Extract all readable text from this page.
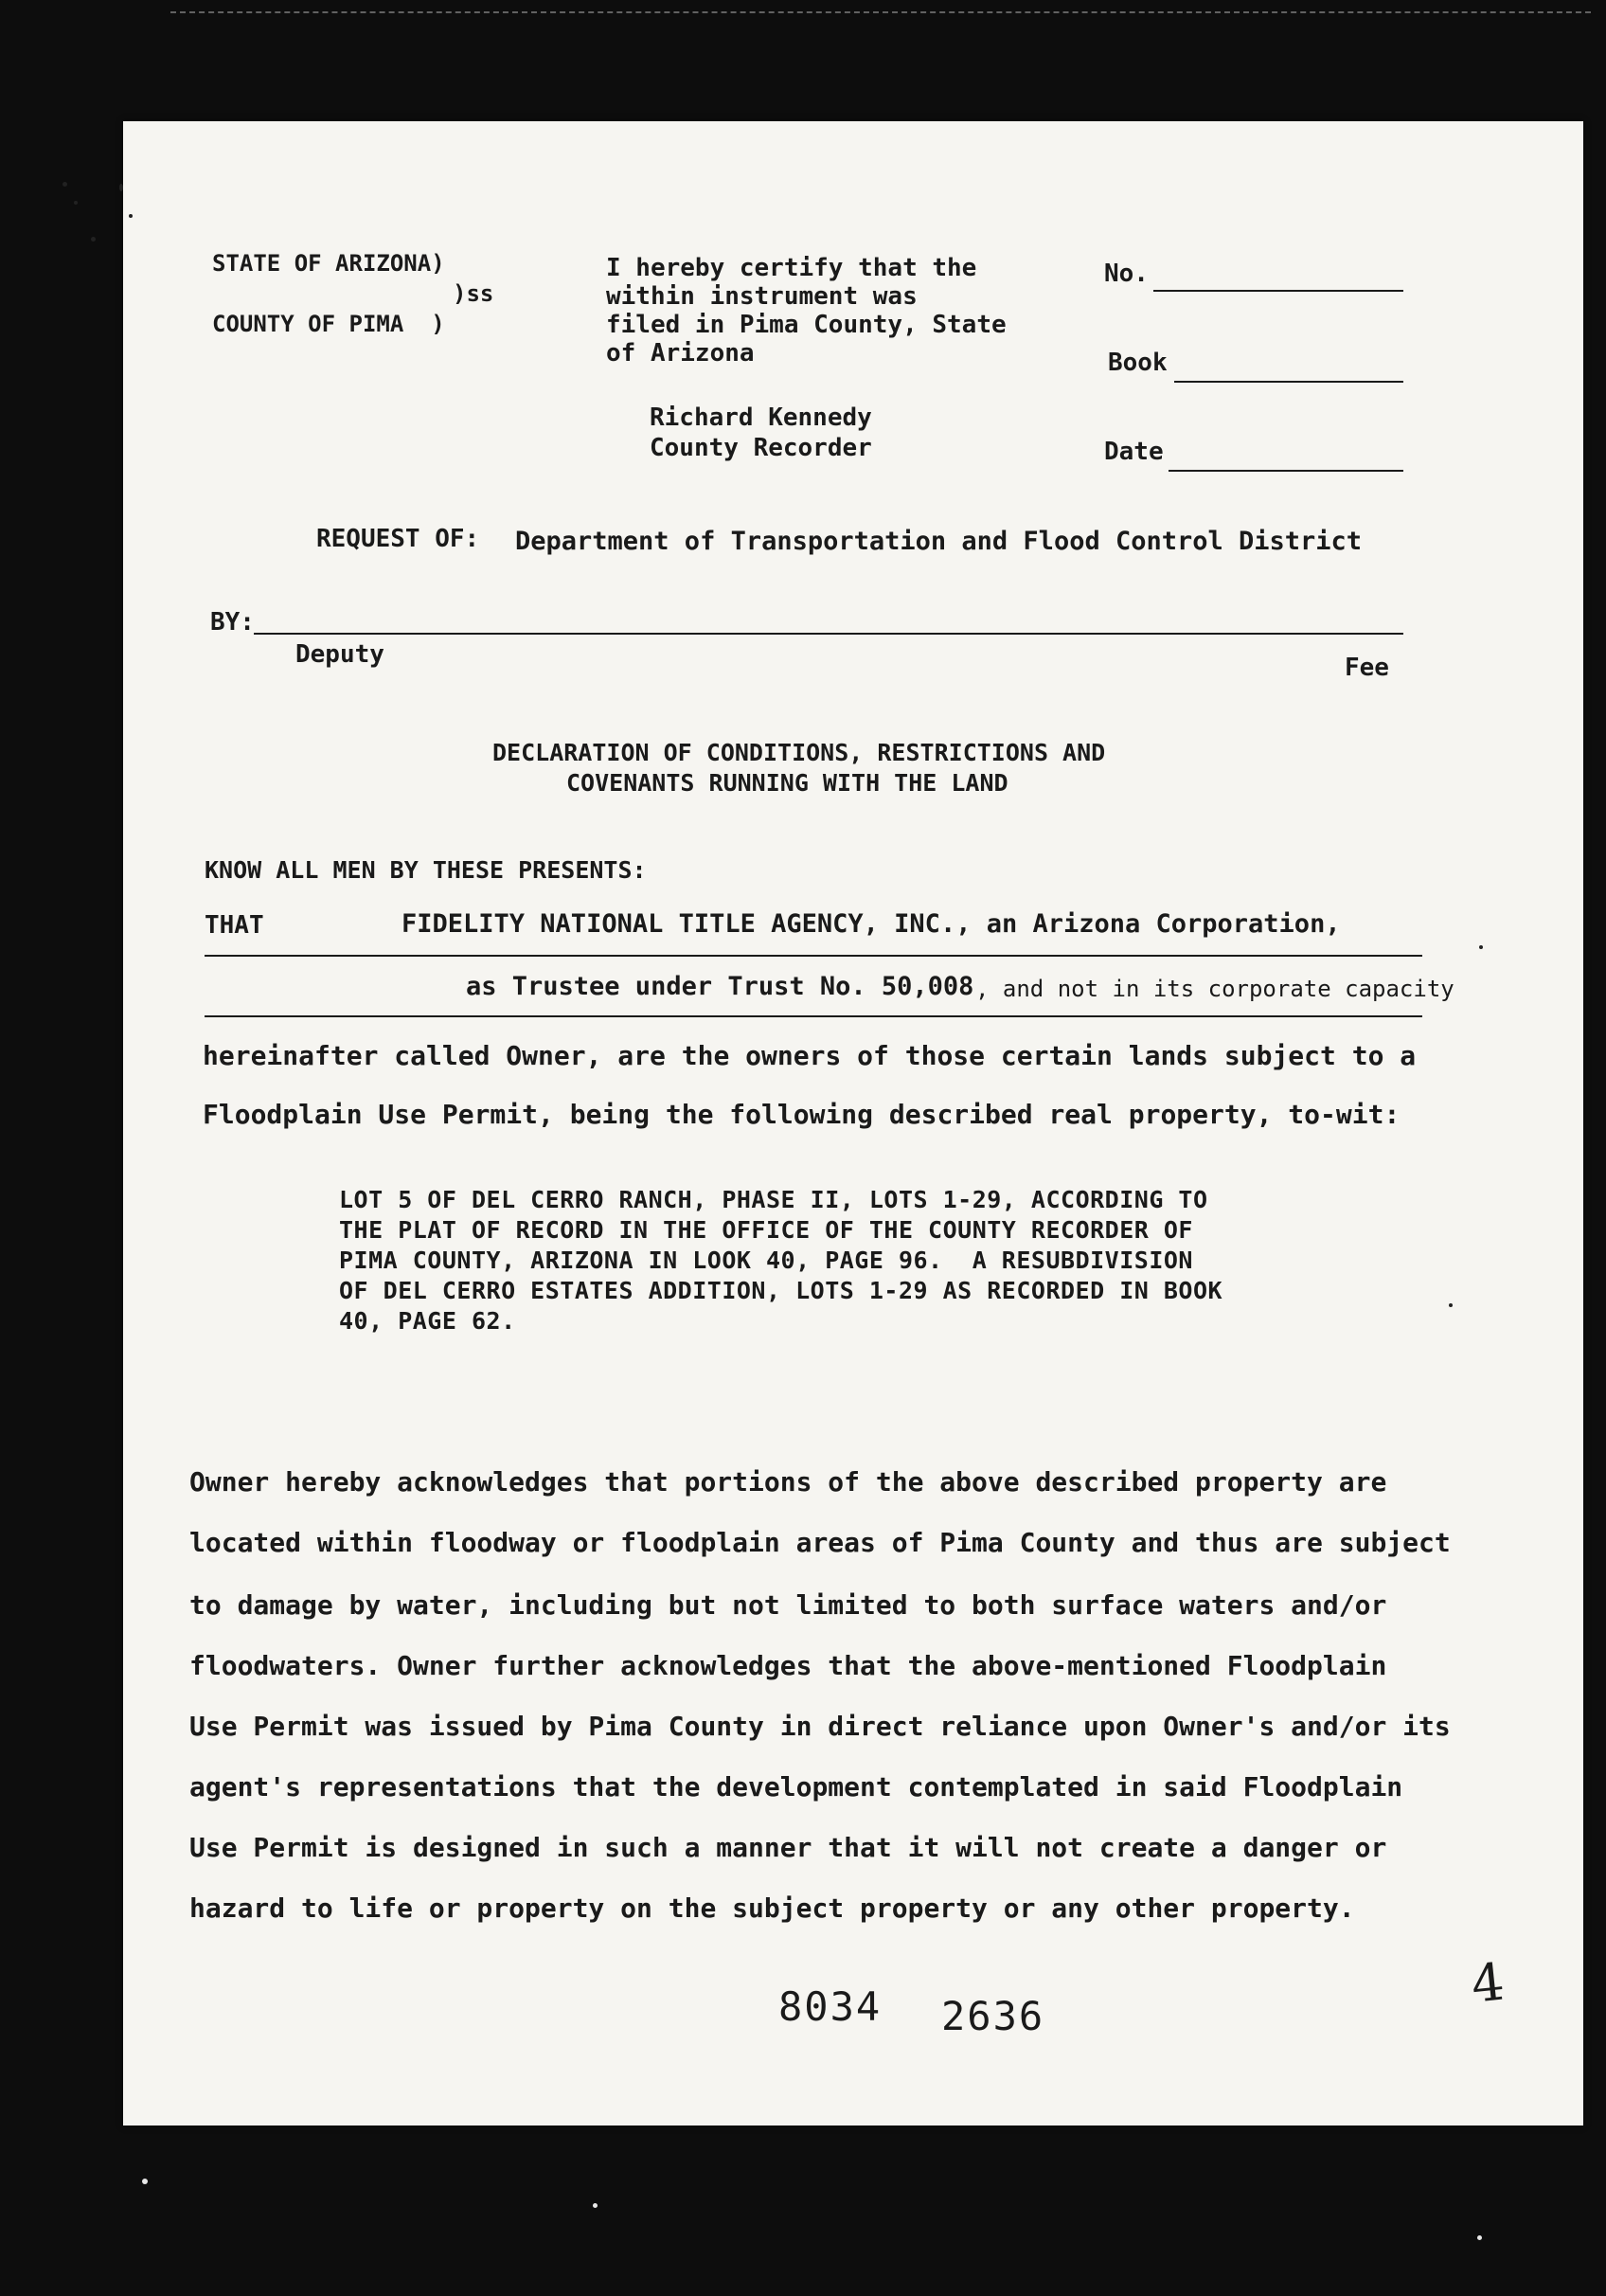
STATE OF ARIZONA)
)ss
COUNTY OF PIMA  )
I hereby certify that the
within instrument was
filed in Pima County, State
of Arizona
Richard Kennedy
County Recorder
No.
Book
Date
REQUEST OF: Department of Transportation and Flood Control District
BY:
Deputy	Fee
DECLARATION OF CONDITIONS, RESTRICTIONS AND
COVENANTS RUNNING WITH THE LAND
KNOW ALL MEN BY THESE PRESENTS:
THAT	FIDELITY NATIONAL TITLE AGENCY, INC., an Arizona Corporation,
as Trustee under Trust No. 50,008 , and not in its corporate capacity
hereinafter called Owner, are the owners of those certain lands subject to a
Floodplain Use Permit, being the following described real property, to-wit:
LOT 5 OF DEL CERRO RANCH, PHASE II, LOTS 1-29, ACCORDING TO
THE PLAT OF RECORD IN THE OFFICE OF THE COUNTY RECORDER OF
PIMA COUNTY, ARIZONA IN LOOK 40, PAGE 96.  A RESUBDIVISION
OF DEL CERRO ESTATES ADDITION, LOTS 1-29 AS RECORDED IN BOOK
40, PAGE 62.
Owner hereby acknowledges that portions of the above described property are
located within floodway or floodplain areas of Pima County and thus are subject
to damage by water, including but not limited to both surface waters and/or
floodwaters. Owner further acknowledges that the above-mentioned Floodplain
Use Permit was issued by Pima County in direct reliance upon Owner's and/or its
agent's representations that the development contemplated in said Floodplain
Use Permit is designed in such a manner that it will not create a danger or
hazard to life or property on the subject property or any other property.
8034 2636
4
